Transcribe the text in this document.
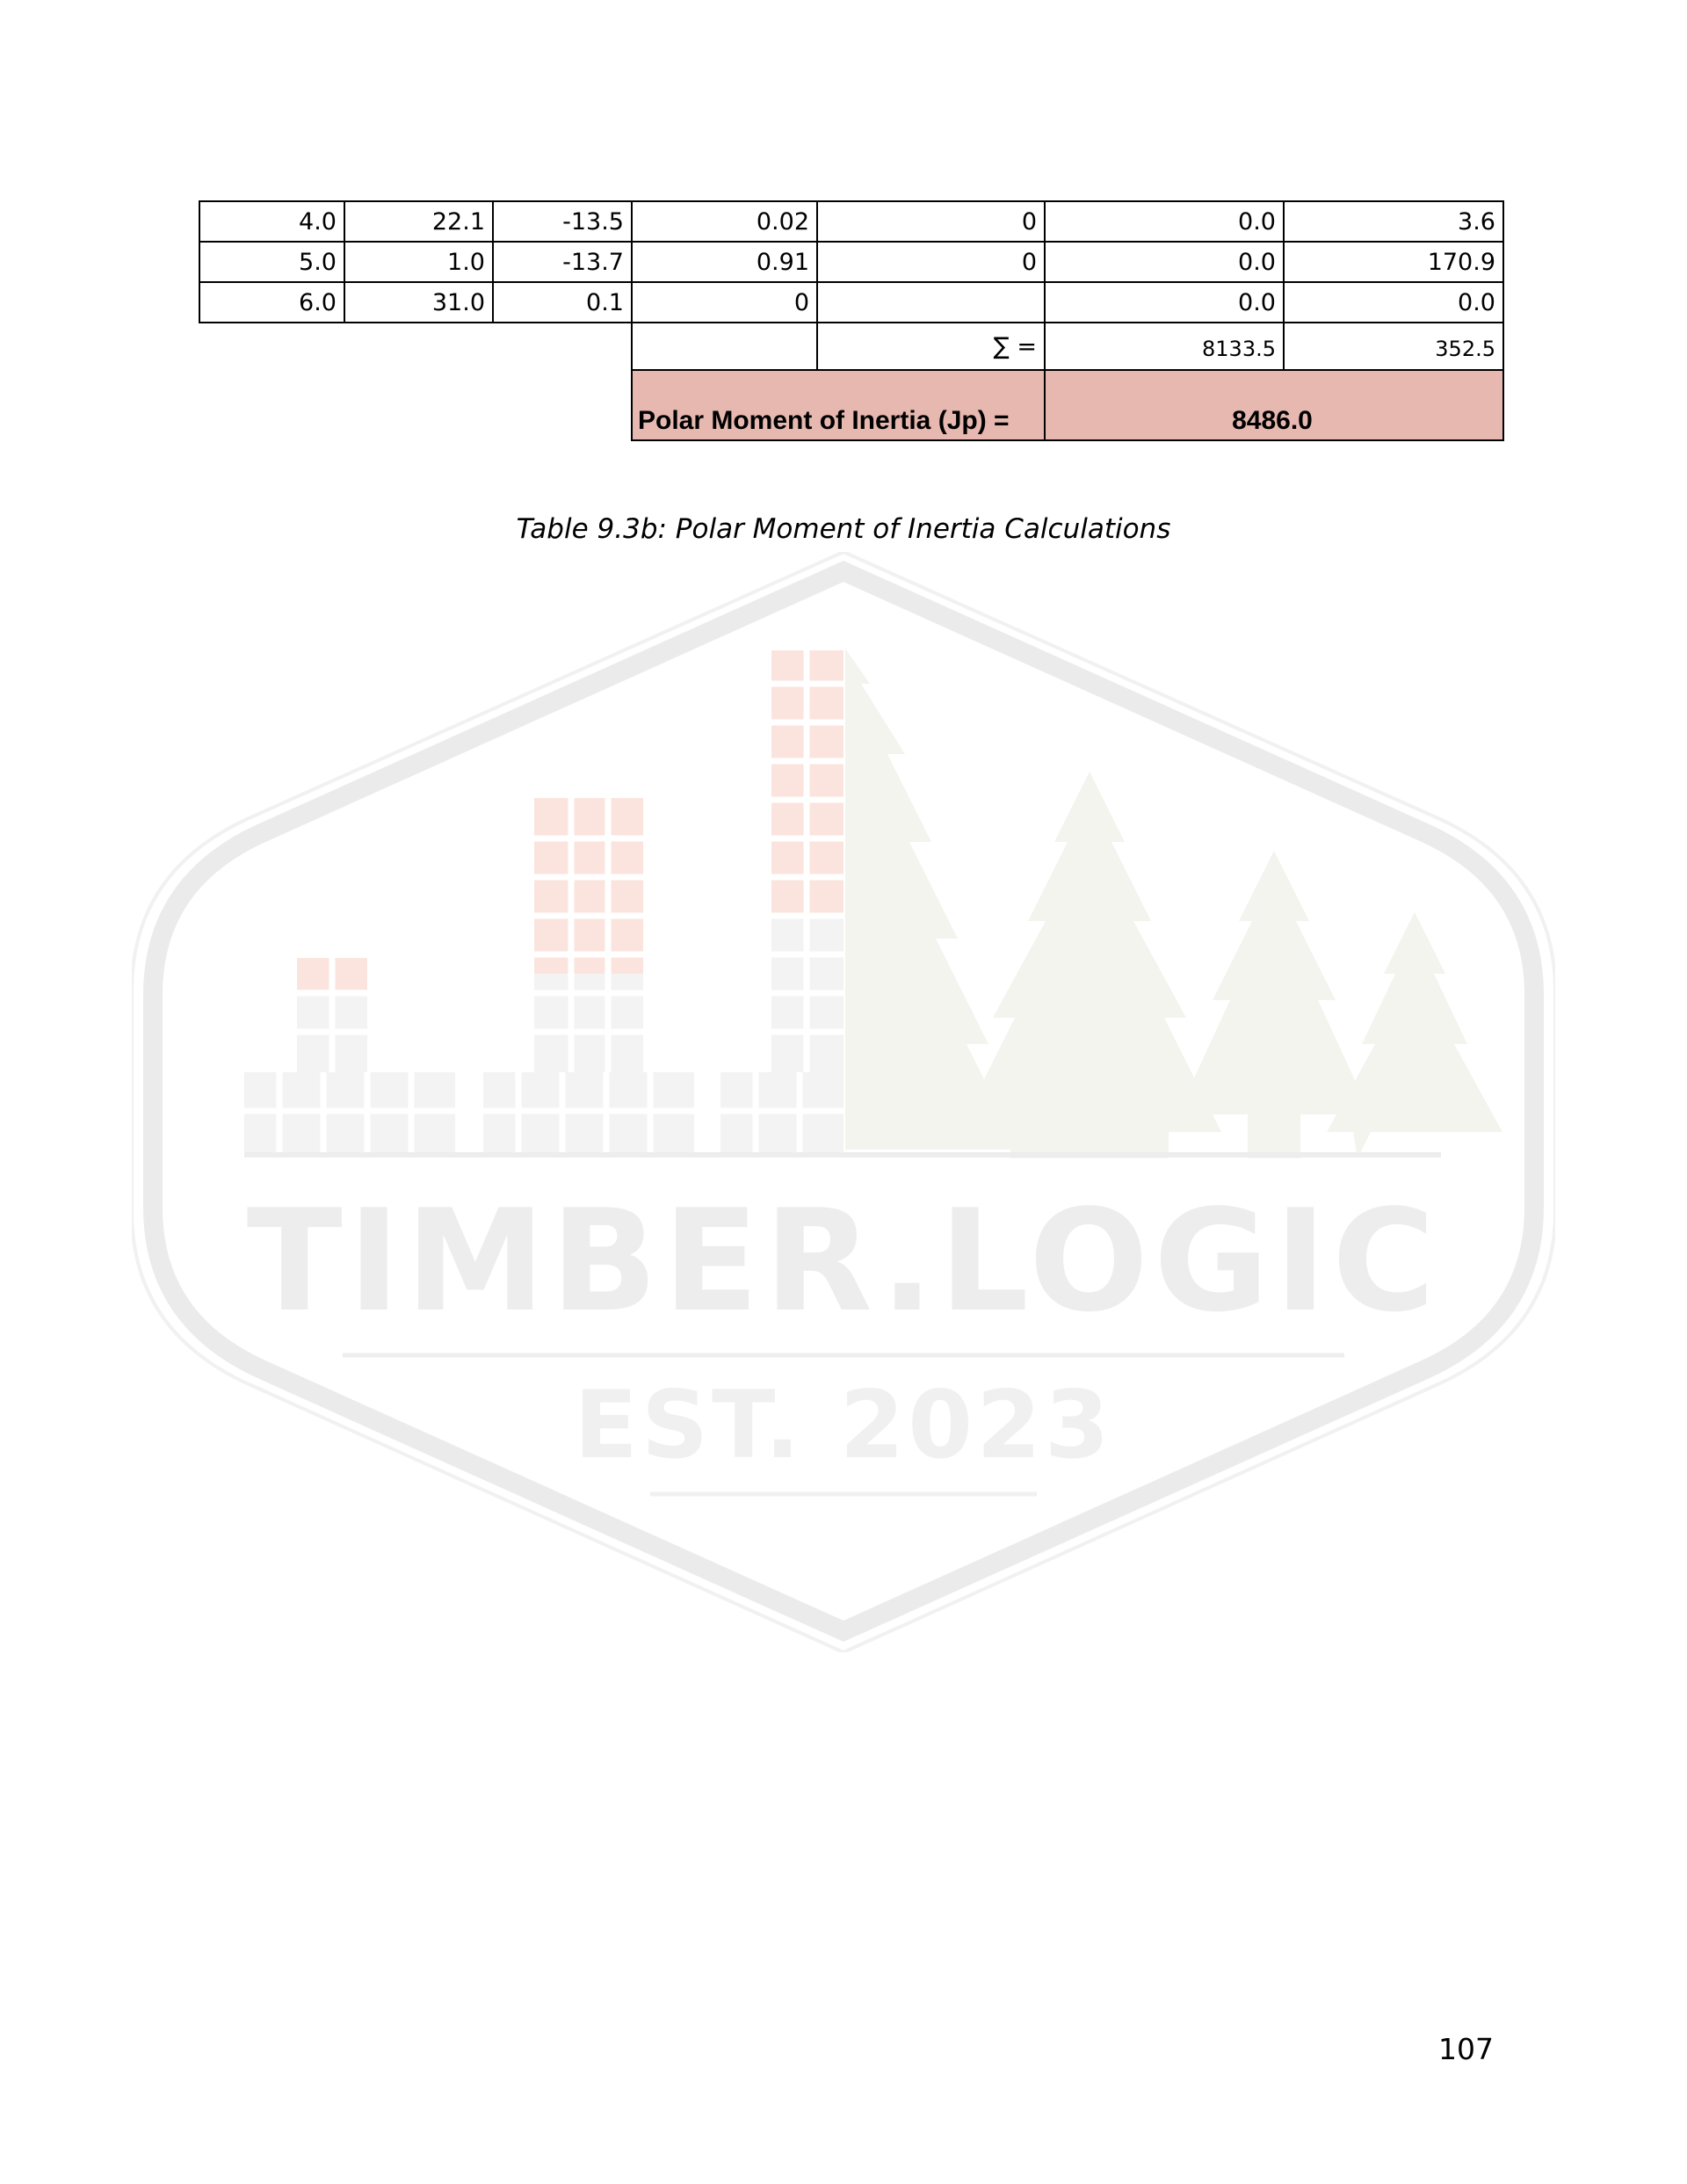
TIMBER.LOGIC
EST. 2023
4.0	22.1	-13.5	0.02	0	0.0	3.6
5.0	1.0	-13.7	0.91	0	0.0	170.9
6.0	31.0	0.1	0		0.0	0.0
				∑ =	8133.5	352.5
			Polar Moment of Inertia (Jp) =		8486.0	
Table 9.3b: Polar Moment of Inertia Calculations
107
